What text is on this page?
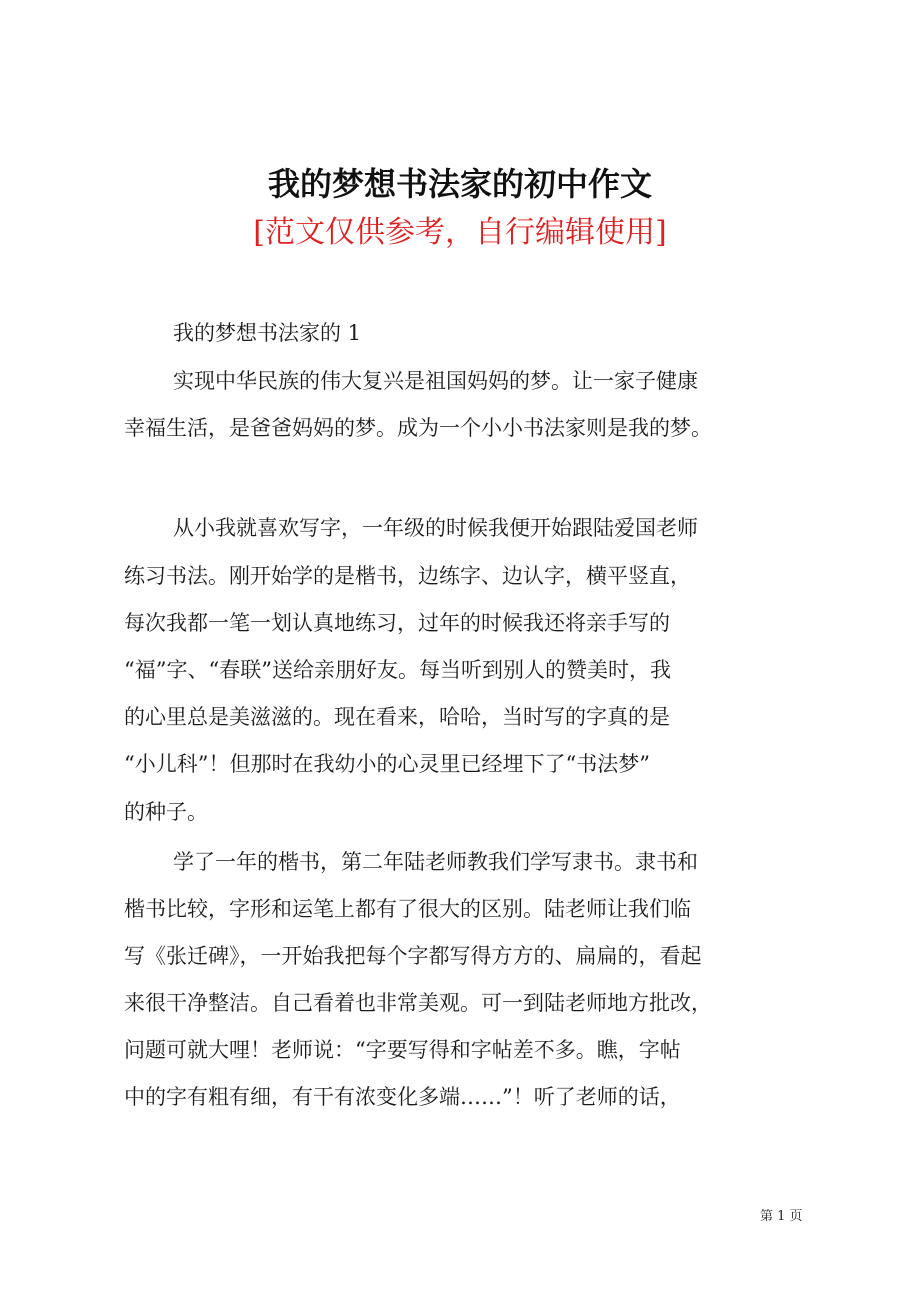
我的梦想书法家的初中作文
[范文仅供参考，自行编辑使用]

我的梦想书法家的 1

实现中华民族的伟大复兴是祖国妈妈的梦。让一家子健康

幸福生活，是爸爸妈妈的梦。成为一个小小书法家则是我的梦。

从小我就喜欢写字，一年级的时候我便开始跟陆爱国老师

练习书法。刚开始学的是楷书，边练字、边认字，横平竖直，

每次我都一笔一划认真地练习，过年的时候我还将亲手写的

“福”字、“春联”送给亲朋好友。每当听到别人的赞美时，我

的心里总是美滋滋的。现在看来，哈哈，当时写的字真的是

“小儿科”！但那时在我幼小的心灵里已经埋下了“书法梦”

的种子。

学了一年的楷书，第二年陆老师教我们学写隶书。隶书和

楷书比较，字形和运笔上都有了很大的区别。陆老师让我们临

写《张迁碑》，一开始我把每个字都写得方方的、扁扁的，看起

来很干净整洁。自己看着也非常美观。可一到陆老师地方批改，

问题可就大哩！老师说：“字要写得和字帖差不多。瞧，字帖

中的字有粗有细，有干有浓变化多端……”！听了老师的话，

第 1 页
